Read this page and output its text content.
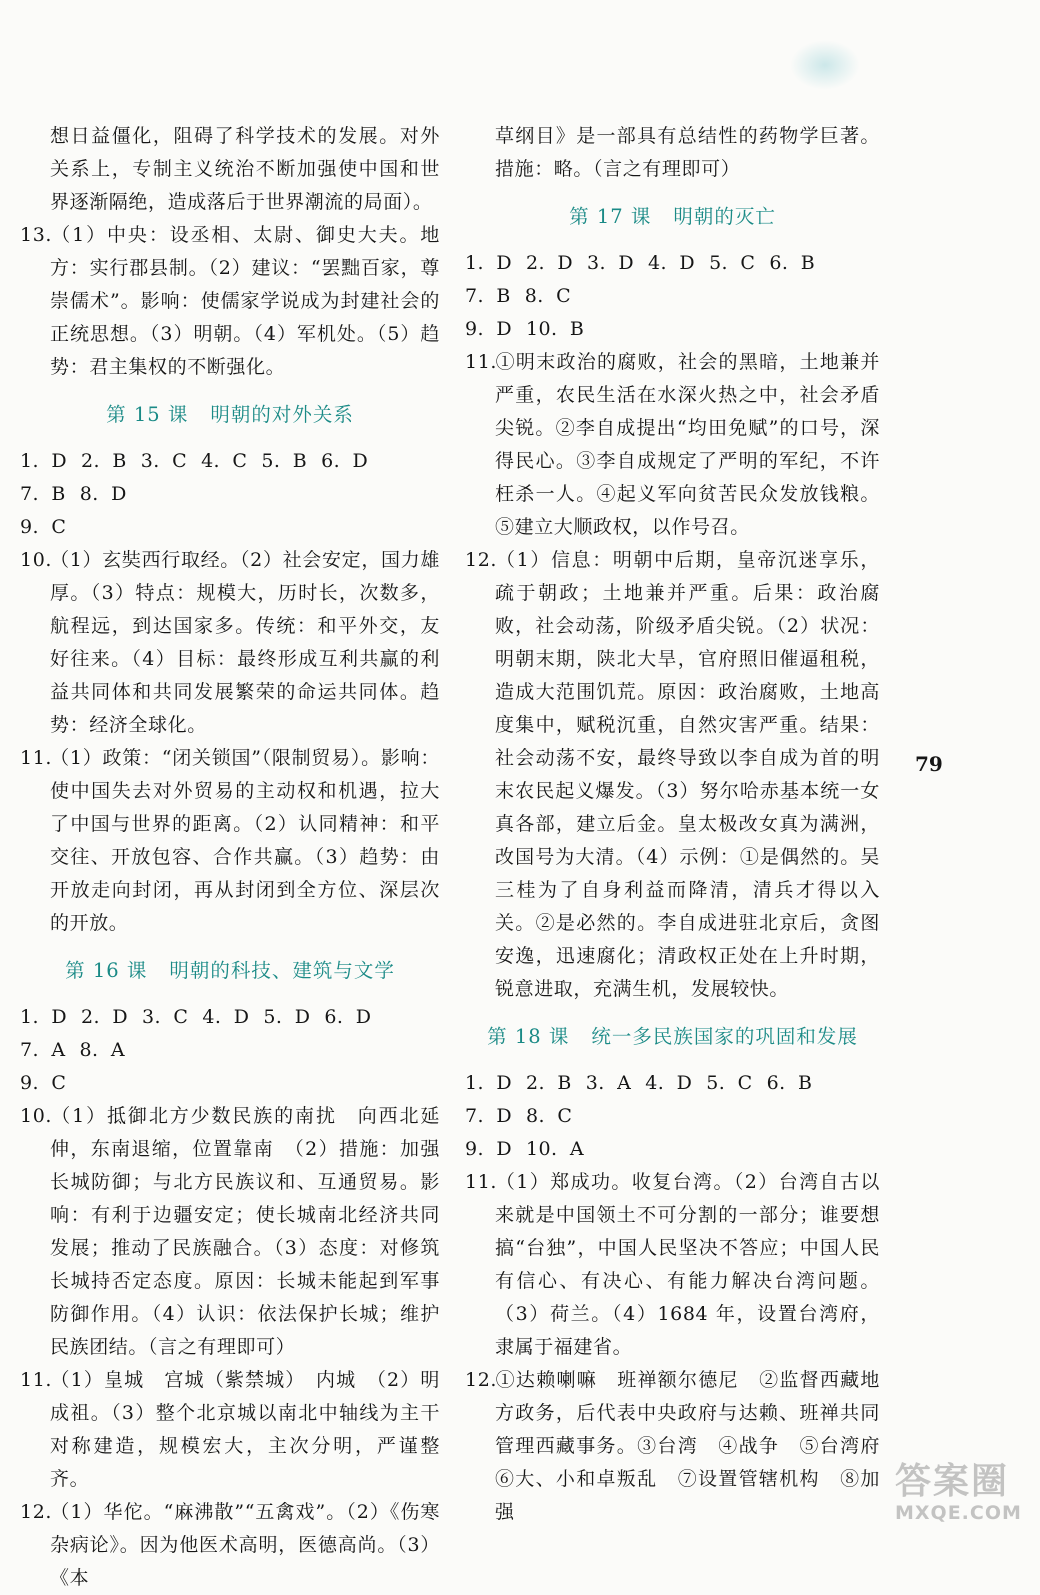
想日益僵化，阻碍了科学技术的发展。对外关系上，专制主义统治不断加强使中国和世界逐渐隔绝，造成落后于世界潮流的局面）。
13.（1）中央：设丞相、太尉、御史大夫。地方：实行郡县制。（2）建议：“罢黜百家，尊崇儒术”。影响：使儒家学说成为封建社会的正统思想。（3）明朝。（4）军机处。（5）趋势：君主集权的不断强化。
第 15 课 明朝的对外关系
1. D 2. B 3. C 4. C 5. B 6. D7. B 8. D
9. C
10.（1）玄奘西行取经。（2）社会安定，国力雄厚。（3）特点：规模大，历时长，次数多，航程远，到达国家多。传统：和平外交，友好往来。（4）目标：最终形成互利共赢的利益共同体和共同发展繁荣的命运共同体。趋势：经济全球化。
11.（1）政策：“闭关锁国”（限制贸易）。影响：使中国失去对外贸易的主动权和机遇，拉大了中国与世界的距离。（2）认同精神：和平交往、开放包容、合作共赢。（3）趋势：由开放走向封闭，再从封闭到全方位、深层次的开放。
第 16 课 明朝的科技、建筑与文学
1. D 2. D 3. C 4. D 5. D 6. D7. A 8. A
9. C
10.（1）抵御北方少数民族的南扰　向西北延伸，东南退缩，位置靠南　（2）措施：加强长城防御；与北方民族议和、互通贸易。影响：有利于边疆安定；使长城南北经济共同发展；推动了民族融合。（3）态度：对修筑长城持否定态度。原因：长城未能起到军事防御作用。（4）认识：依法保护长城；维护民族团结。（言之有理即可）
11.（1）皇城　宫城（紫禁城）　内城　（2）明成祖。（3）整个北京城以南北中轴线为主干对称建造，规模宏大，主次分明，严谨整齐。
12.（1）华佗。“麻沸散”“五禽戏”。（2）《伤寒杂病论》。因为他医术高明，医德高尚。（3）《本
草纲目》是一部具有总结性的药物学巨著。措施：略。（言之有理即可）
第 17 课 明朝的灭亡
1. D 2. D 3. D 4. D 5. C 6. B7. B 8. C
9. D 10. B
11.①明末政治的腐败，社会的黑暗，土地兼并严重，农民生活在水深火热之中，社会矛盾尖锐。②李自成提出“均田免赋”的口号，深得民心。③李自成规定了严明的军纪，不许枉杀一人。④起义军向贫苦民众发放钱粮。⑤建立大顺政权，以作号召。
12.（1）信息：明朝中后期，皇帝沉迷享乐，疏于朝政；土地兼并严重。后果：政治腐败，社会动荡，阶级矛盾尖锐。（2）状况：明朝末期，陕北大旱，官府照旧催逼租税，造成大范围饥荒。原因：政治腐败，土地高度集中，赋税沉重，自然灾害严重。结果：社会动荡不安，最终导致以李自成为首的明末农民起义爆发。（3）努尔哈赤基本统一女真各部，建立后金。皇太极改女真为满洲，改国号为大清。（4）示例：①是偶然的。吴三桂为了自身利益而降清，清兵才得以入关。②是必然的。李自成进驻北京后，贪图安逸，迅速腐化；清政权正处在上升时期，锐意进取，充满生机，发展较快。
第 18 课 统一多民族国家的巩固和发展
1. D 2. B 3. A 4. D 5. C 6. B7. D 8. C
9. D 10. A
11.（1）郑成功。收复台湾。（2）台湾自古以来就是中国领土不可分割的一部分；谁要想搞“台独”，中国人民坚决不答应；中国人民有信心、有决心、有能力解决台湾问题。（3）荷兰。（4）1684 年，设置台湾府，隶属于福建省。
12.①达赖喇嘛　班禅额尔德尼　②监督西藏地方政务，后代表中央政府与达赖、班禅共同管理西藏事务。③台湾　④战争　⑤台湾府　⑥大、小和卓叛乱　⑦设置管辖机构　⑧加强
79
答案圈
MXQE.COM
